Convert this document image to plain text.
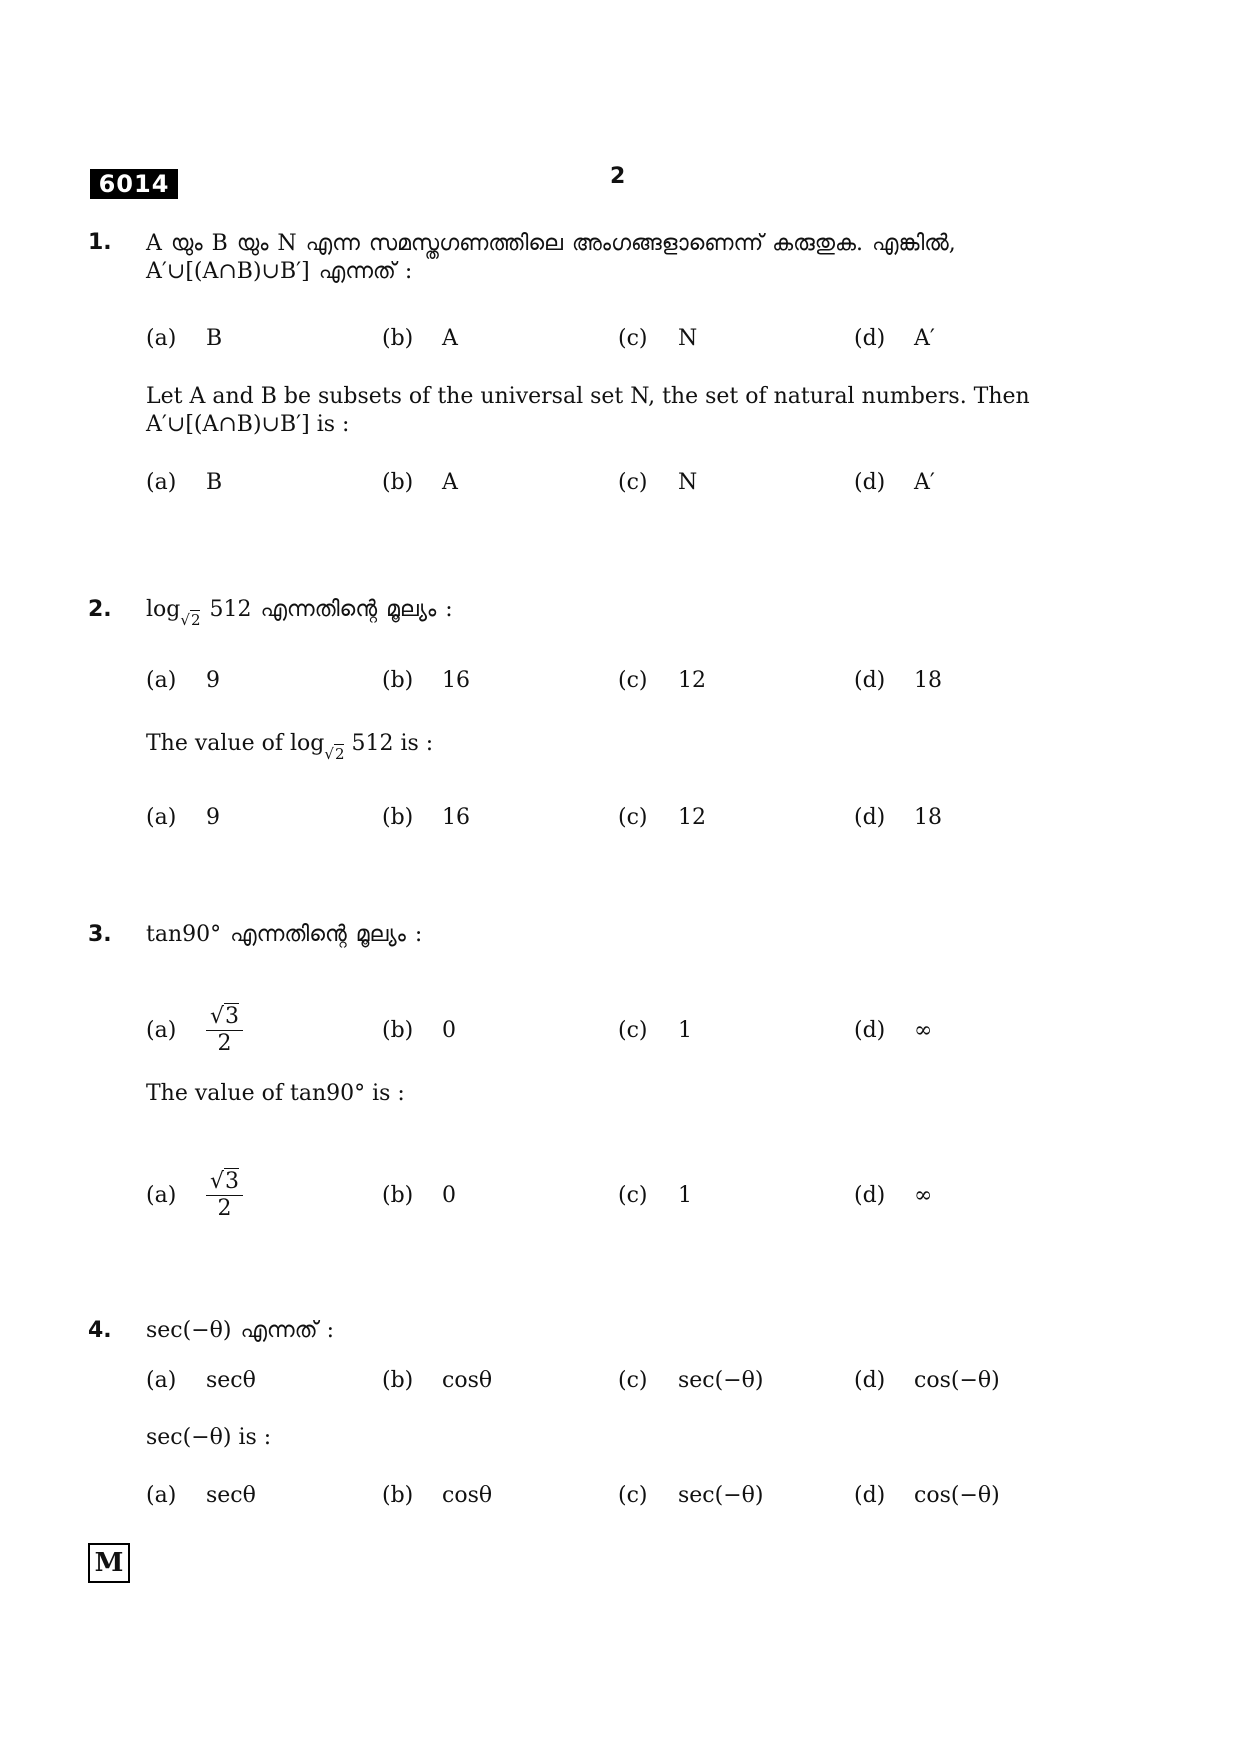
6014	2
1. A യും B യും N എന്ന സമസ്തഗണത്തിലെ അംഗങ്ങളാണെന്ന് കരുതുക. എങ്കിൽ,
A′∪[(A∩B)∪B′] എന്നത് :
(a)	B	(b)	A	(c)	N	(d)	A′
Let A and B be subsets of the universal set N, the set of natural numbers. Then
A′∪[(A∩B)∪B′] is :
(a)	B	(b)	A	(c)	N	(d)	A′
2. $\log_{√2} 512$ എന്നതിന്റെ മൂല്യം :
(a)	9	(b)	16	(c)	12	(d)	18
The value of $\log_{√2} 512$ is :
(a)	9	(b)	16	(c)	12	(d)	18
3. tan90° എന്നതിന്റെ മൂല്യം :
(a)	$\frac{√3}{2}$	(b)	0	(c)	1	(d)	∞
The value of tan90° is :
(a)	$\frac{√3}{2}$	(b)	0	(c)	1	(d)	∞
4. sec(−θ) എന്നത് :
(a)	secθ	(b)	cosθ	(c)	sec(−θ)	(d)	cos(−θ)
sec(−θ) is :
(a)	secθ	(b)	cosθ	(c)	sec(−θ)	(d)	cos(−θ)
M
